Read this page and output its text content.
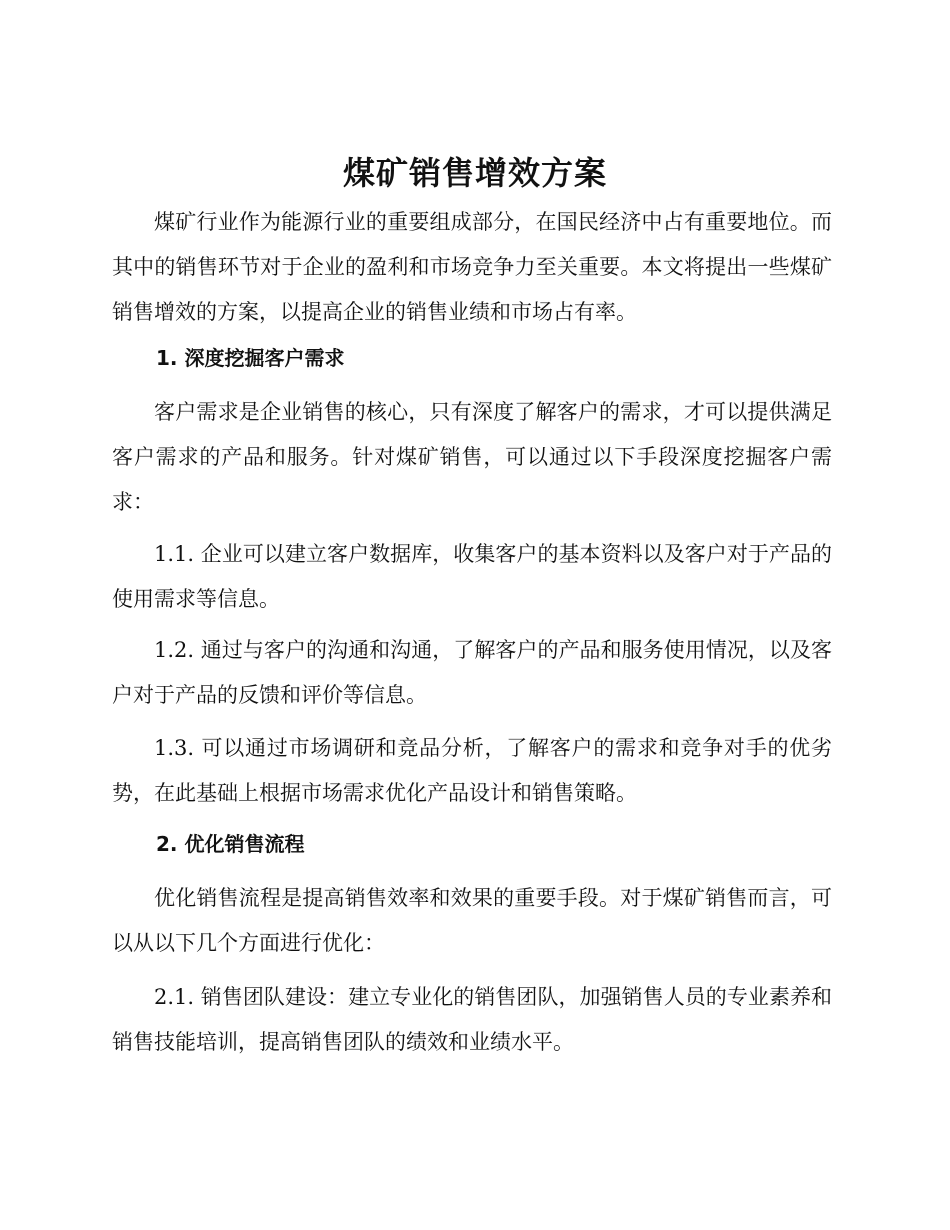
煤矿销售增效方案

煤矿行业作为能源行业的重要组成部分，在国民经济中占有重要地位。而其中的销售环节对于企业的盈利和市场竞争力至关重要。本文将提出一些煤矿销售增效的方案，以提高企业的销售业绩和市场占有率。

1. 深度挖掘客户需求

客户需求是企业销售的核心，只有深度了解客户的需求，才可以提供满足客户需求的产品和服务。针对煤矿销售，可以通过以下手段深度挖掘客户需求：

1.1. 企业可以建立客户数据库，收集客户的基本资料以及客户对于产品的使用需求等信息。

1.2. 通过与客户的沟通和沟通，了解客户的产品和服务使用情况，以及客户对于产品的反馈和评价等信息。

1.3. 可以通过市场调研和竞品分析，了解客户的需求和竞争对手的优劣势，在此基础上根据市场需求优化产品设计和销售策略。

2. 优化销售流程

优化销售流程是提高销售效率和效果的重要手段。对于煤矿销售而言，可以从以下几个方面进行优化：

2.1. 销售团队建设：建立专业化的销售团队，加强销售人员的专业素养和销售技能培训，提高销售团队的绩效和业绩水平。
